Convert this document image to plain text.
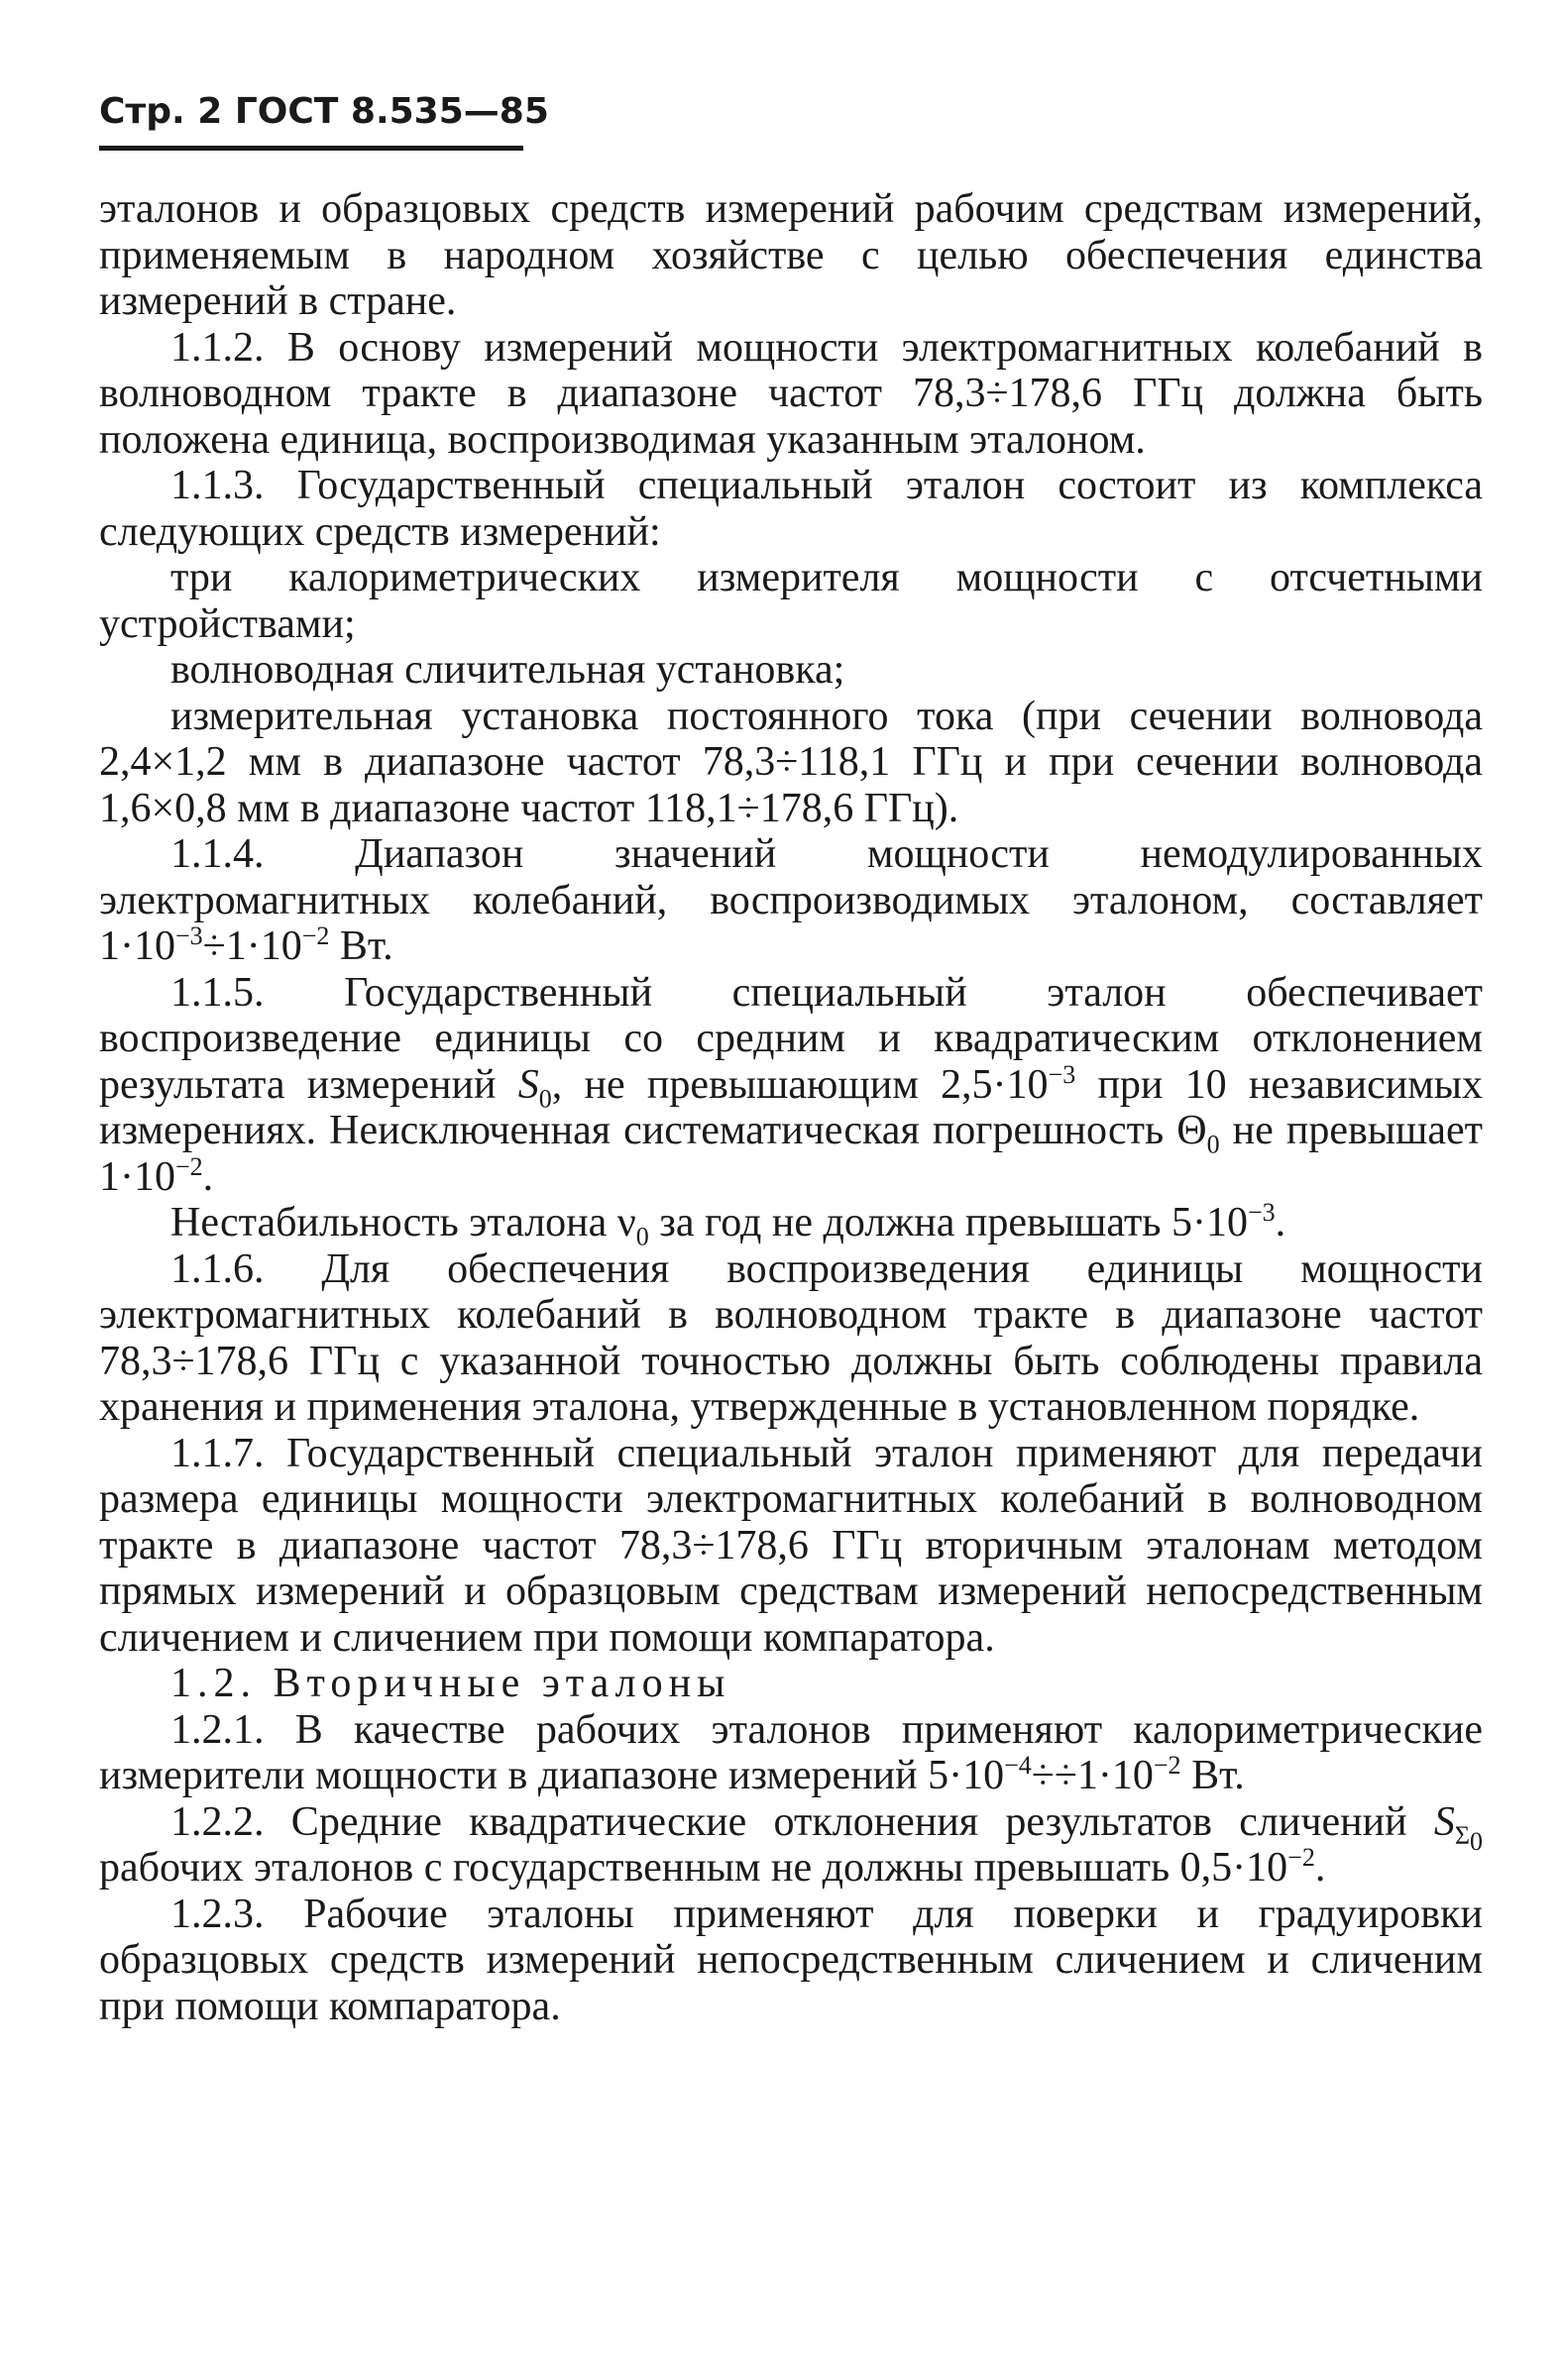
Стр. 2 ГОСТ 8.535—85

эталонов и образцовых средств измерений рабочим средствам измерений, применяемым в народном хозяйстве с целью обеспечения единства измерений в стране.

1.1.2. В основу измерений мощности электромагнитных колебаний в волноводном тракте в диапазоне частот 78,3÷178,6 ГГц должна быть положена единица, воспроизводимая указанным эталоном.

1.1.3. Государственный специальный эталон состоит из комплекса следующих средств измерений:

три калориметрических измерителя мощности с отсчетными устройствами;

волноводная сличительная установка;

измерительная установка постоянного тока (при сечении волновода 2,4×1,2 мм в диапазоне частот 78,3÷118,1 ГГц и при сечении волновода 1,6×0,8 мм в диапазоне частот 118,1÷178,6 ГГц).

1.1.4. Диапазон значений мощности немодулированных электромагнитных колебаний, воспроизводимых эталоном, составляет $1\cdot 10^{-3}\div 1\cdot 10^{-2}$ Вт.

1.1.5. Государственный специальный эталон обеспечивает воспроизведение единицы со средним и квадратическим отклонением результата измерений $S_0$, не превышающим $2,5\cdot 10^{-3}$ при 10 независимых измерениях. Неисключенная систематическая погрешность $\Theta_0$ не превышает $1\cdot 10^{-2}$.

Нестабильность эталона $\nu_0$ за год не должна превышать $5\cdot 10^{-3}$.

1.1.6. Для обеспечения воспроизведения единицы мощности электромагнитных колебаний в волноводном тракте в диапазоне частот 78,3÷178,6 ГГц с указанной точностью должны быть соблюдены правила хранения и применения эталона, утвержденные в установленном порядке.

1.1.7. Государственный специальный эталон применяют для передачи размера единицы мощности электромагнитных колебаний в волноводном тракте в диапазоне частот 78,3÷178,6 ГГц вторичным эталонам методом прямых измерений и образцовым средствам измерений непосредственным сличением и сличением при помощи компаратора.

1.2. Вторичные эталоны

1.2.1. В качестве рабочих эталонов применяют калориметрические измерители мощности в диапазоне измерений $5\cdot 10^{-4}\div\div 1\cdot 10^{-2}$ Вт.

1.2.2. Средние квадратические отклонения результатов сличений $S_{\Sigma_0}$ рабочих эталонов с государственным не должны превышать $0,5\cdot 10^{-2}$.

1.2.3. Рабочие эталоны применяют для поверки и градуировки образцовых средств измерений непосредственным сличением и сличеним при помощи компаратора.
